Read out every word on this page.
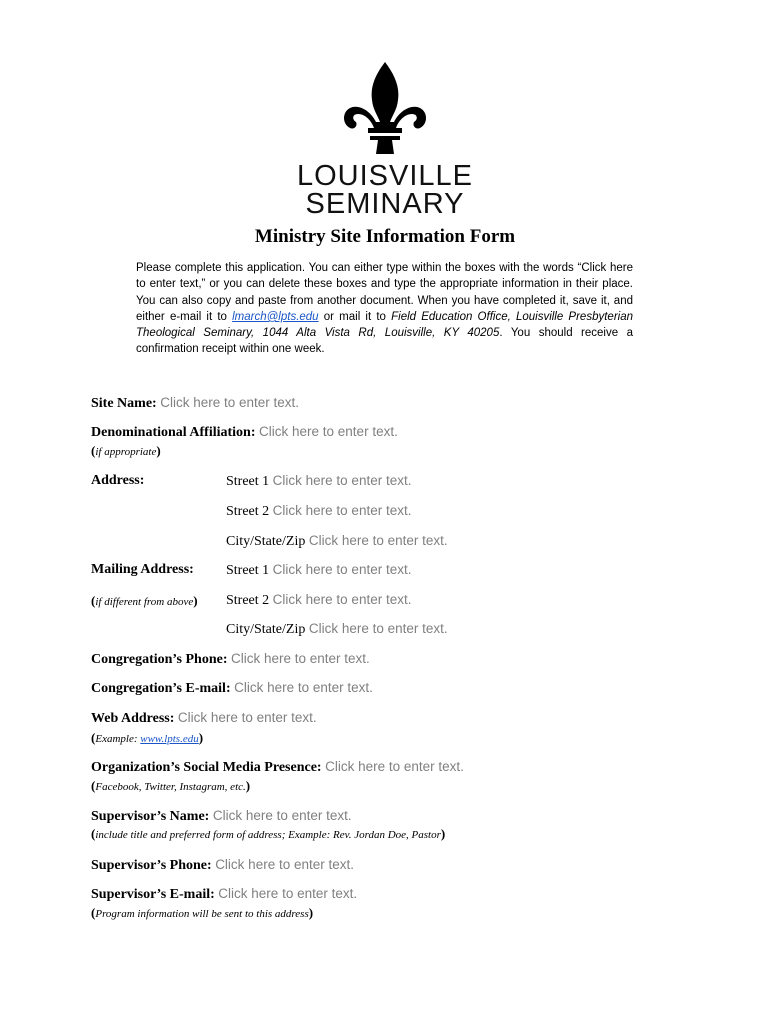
LOUISVILLE
SEMINARY
Ministry Site Information Form
Please complete this application. You can either type within the boxes with the words “Click here to enter text,” or you can delete these boxes and type the appropriate information in their place. You can also copy and paste from another document. When you have completed it, save it, and either e-mail it to lmarch@lpts.edu or mail it to Field Education Office, Louisville Presbyterian Theological Seminary, 1044 Alta Vista Rd, Louisville, KY 40205. You should receive a confirmation receipt within one week.
Site Name: Click here to enter text.
Denominational Affiliation: Click here to enter text.
(if appropriate)
Address:	Street 1 Click here to enter text.
Street 2 Click here to enter text.
City/State/Zip Click here to enter text.
Mailing Address: Street 1 Click here to enter text.
(if different from above) Street 2 Click here to enter text.
City/State/Zip Click here to enter text.
Congregation’s Phone: Click here to enter text.
Congregation’s E-mail: Click here to enter text.
Web Address: Click here to enter text.
(Example: www.lpts.edu)
Organization’s Social Media Presence: Click here to enter text.
(Facebook, Twitter, Instagram, etc.)
Supervisor’s Name: Click here to enter text.
(include title and preferred form of address; Example: Rev. Jordan Doe, Pastor)
Supervisor’s Phone: Click here to enter text.
Supervisor’s E-mail: Click here to enter text.
(Program information will be sent to this address)
